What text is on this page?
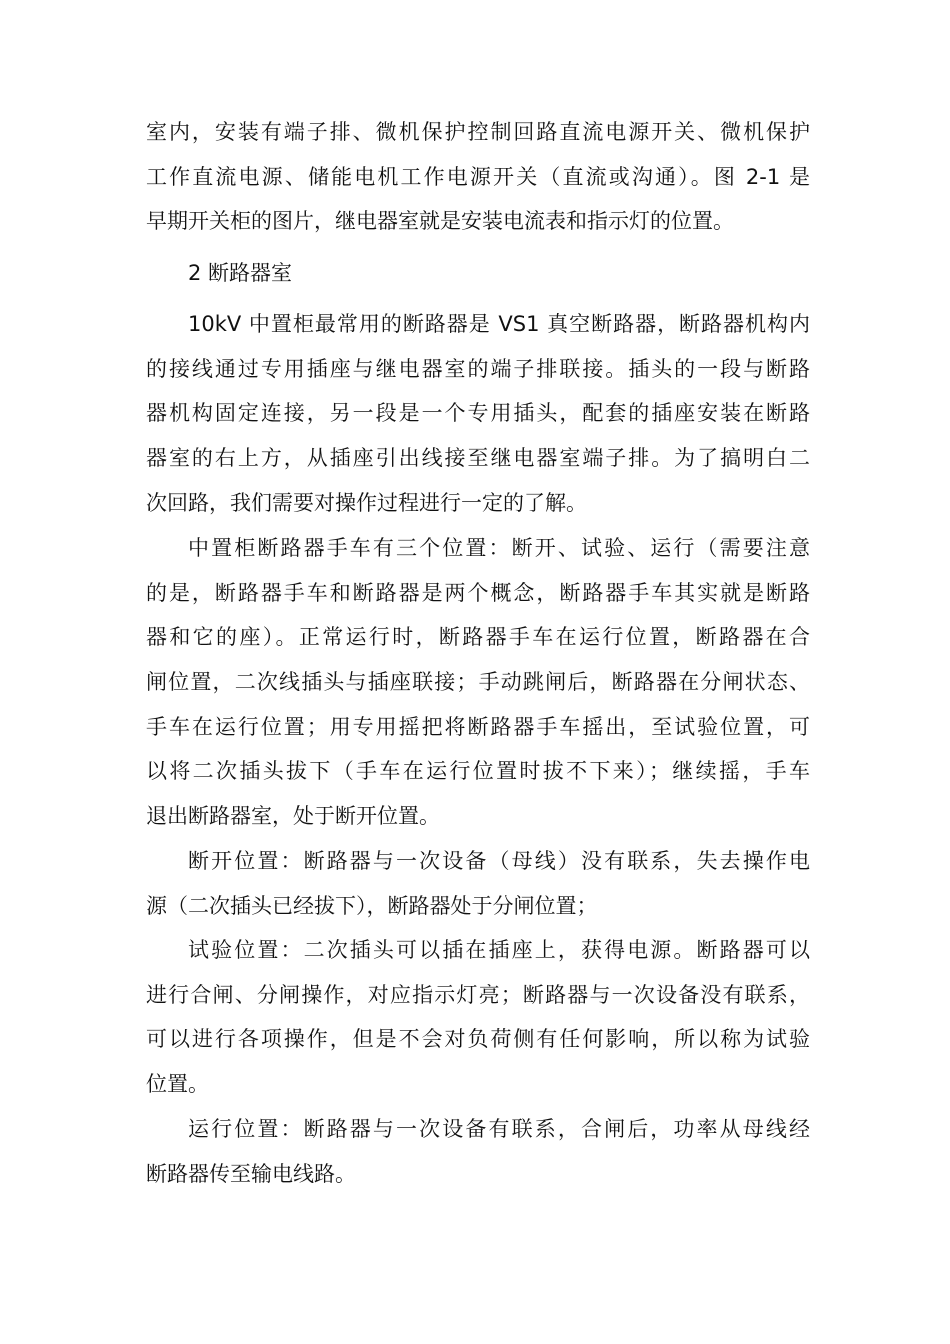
室内，安装有端子排、微机保护控制回路直流电源开关、微机保护
工作直流电源、储能电机工作电源开关（直流或沟通）。图 2-1 是
早期开关柜的图片，继电器室就是安装电流表和指示灯的位置。
2 断路器室
10kV 中置柜最常用的断路器是 VS1 真空断路器，断路器机构内
的接线通过专用插座与继电器室的端子排联接。插头的一段与断路
器机构固定连接，另一段是一个专用插头，配套的插座安装在断路
器室的右上方，从插座引出线接至继电器室端子排。为了搞明白二
次回路，我们需要对操作过程进行一定的了解。
中置柜断路器手车有三个位置：断开、试验、运行（需要注意
的是，断路器手车和断路器是两个概念，断路器手车其实就是断路
器和它的座）。正常运行时，断路器手车在运行位置，断路器在合
闸位置，二次线插头与插座联接；手动跳闸后，断路器在分闸状态、
手车在运行位置；用专用摇把将断路器手车摇出，至试验位置，可
以将二次插头拔下（手车在运行位置时拔不下来）；继续摇，手车
退出断路器室，处于断开位置。
断开位置：断路器与一次设备（母线）没有联系，失去操作电
源（二次插头已经拔下），断路器处于分闸位置；
试验位置：二次插头可以插在插座上，获得电源。断路器可以
进行合闸、分闸操作，对应指示灯亮；断路器与一次设备没有联系，
可以进行各项操作，但是不会对负荷侧有任何影响，所以称为试验
位置。
运行位置：断路器与一次设备有联系，合闸后，功率从母线经
断路器传至输电线路。
